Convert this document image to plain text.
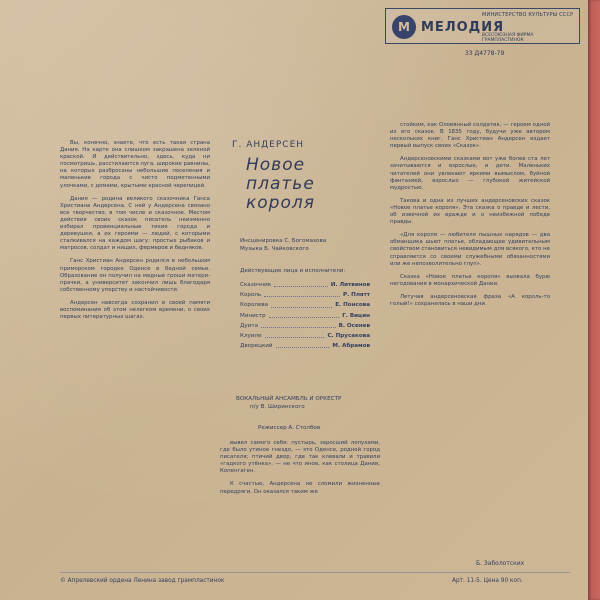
М
МИНИСТЕРСТВО КУЛЬТУРЫ СССР
МЕЛОДИЯ
ВСЕСОЮЗНАЯ ФИРМА ГРАМПЛАСТИНОК
33 Д4778-79

Вы, конечно, знаете, что есть такая страна Дания. На карте она слишком закрашена зеленой краской. И действительно, здесь, куда ни посмотришь, расстилаются луга, широкие равнины, на которых разбросаны небольшие поселения и маленькие города с чисто подметенными улочками, с домами, крытыми красной черепицей.

Дания — родина великого сказочника Ганса Христиана Андерсена. С ней у Андерсена связано все творчество, в том числе и сказочное. Местом действия своих сказок писатель неизменно избирал провинциальные тихие города и деревушки, а их героями — людей, с которыми сталкивался на каждом шагу: простых рыбаков и матросов, солдат и нищих, фермеров и бедняков.

Ганс Христиан Андерсен родился в небольшом приморском городке Оденсе в бедной семье. Образование он получил на медные гроши матери-прачки, а университет закончил лишь благодаря собственному упорству и настойчивости.

Андерсен навсегда сохранил в своей памяти воспоминания об этом нелегком времени, о своих первых литературных шагах.

Г. АНДЕРСЕН
Новое
платье
короля
Инсценировка С. Богомазова
Музыка Б. Чайковского
Действующие лица и исполнители:
Сказочник	И. Литвинов
Король	Р. Плятт
Королева	Е. Понсова
Министр	Г. Вицин
Дуита	В. Осенев
Клуиле	С. Прусакова
Дворецкий	М. Абрамов
ВОКАЛЬНЫЙ АНСАМБЛЬ И ОРКЕСТР
п/у В. Ширинского
Режиссер А. Столбов

вывел самого себя: пустырь, заросший лопухами, где было утиное гнездо, — это Оденсе, родной город писателя; птичий двор, где так клевали и травили «гадкого утёнка», — не что иное, как столица Дании, Копенгаген.

К счастью, Андерсена не сломили жизненные передряги. Он оказался таким же

стойким, как Оловянный солдатик, — героем одной из его сказок. В 1835 году, будучи уже автором нескольких книг, Ганс Христиан Андерсен издает первый выпуск своих «Сказок».

Андерсеновскими сказками вот уже более ста лет зачитываются и взрослые, и дети. Маленьких читателей они увлекают яркими вымыслом, буйной фантазией, взрослых — глубокой житейской мудростью.

Такова и одна из лучших андерсеновских сказок «Новое платье короля». Эта сказка о правде и лести, об извечной их вражде и о неизбежной победе правды.

«Для короля — любителя пышных нарядов — два обманщика шьют платье, обладающее удивительным свойством становиться невидимым для всякого, кто не справляется со своими служебными обязанностями или же непозволительно глуп».

Сказка «Новое платье короля» вызвала бурю негодования в монархической Дании.

Летучая андерсеновская фраза «А король-то голый!» сохранилась в наши дни.

Б. Заболотских
© Апрелевский ордена Ленина завод грампластинок	Арт. 11-5. Цена 90 коп.
